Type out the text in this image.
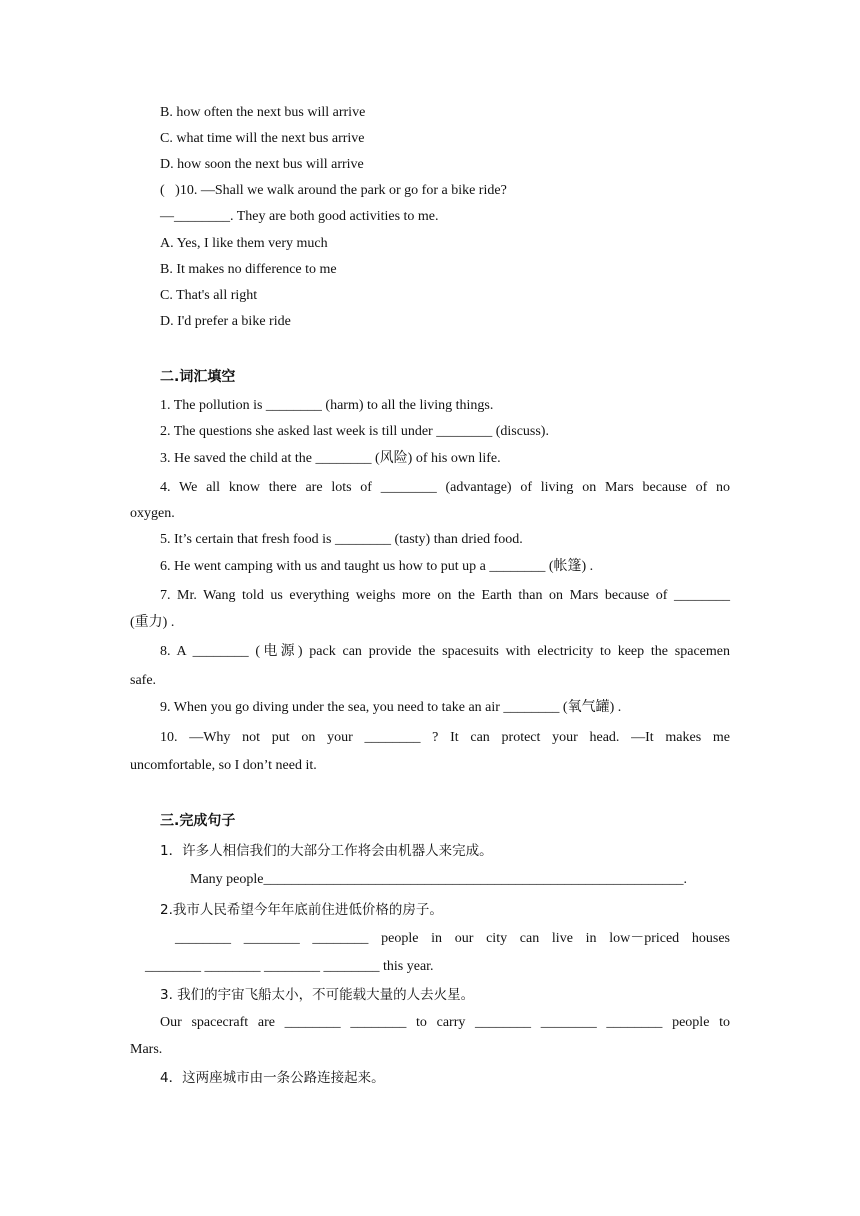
B. how often the next bus will arrive
C. what time will the next bus arrive
D. how soon the next bus will arrive
(   )10. —Shall we walk around the park or go for a bike ride?
—________. They are both good activities to me.
A. Yes, I like them very much
B. It makes no difference to me
C. That's all right
D. I'd prefer a bike ride
二.词汇填空
1. The pollution is ________ (harm) to all the living things.
2. The questions she asked last week is till under ________ (discuss).
3. He saved the child at the ________ (风险) of his own life.
4. We all know there are lots of ________ (advantage) of living on Mars because of no
oxygen.
5. It’s certain that fresh food is ________ (tasty) than dried food.
6. He went camping with us and taught us how to put up a ________ (帐篷) .
7. Mr. Wang told us everything weighs more on the Earth than on Mars because of ________
(重力) .
8. A ________ (电源) pack can provide the spacesuits with electricity to keep the spacemen
safe.
9. When you go diving under the sea, you need to take an air ________ (氧气罐) .
10. —Why not put on your ________ ? It can protect your head. —It makes me
uncomfortable, so I don’t need it.
三.完成句子
1．许多人相信我们的大部分工作将会由机器人来完成。
Many people____________________________________________________________.
2.我市人民希望今年年底前住进低价格的房子。
________ ________ ________ people in our city can live in low－priced houses
________ ________ ________ ________ this year.
3. 我们的宇宙飞船太小，不可能载大量的人去火星。
Our spacecraft are ________ ________ to carry ________ ________ ________ people to
Mars.
4．这两座城市由一条公路连接起来。
